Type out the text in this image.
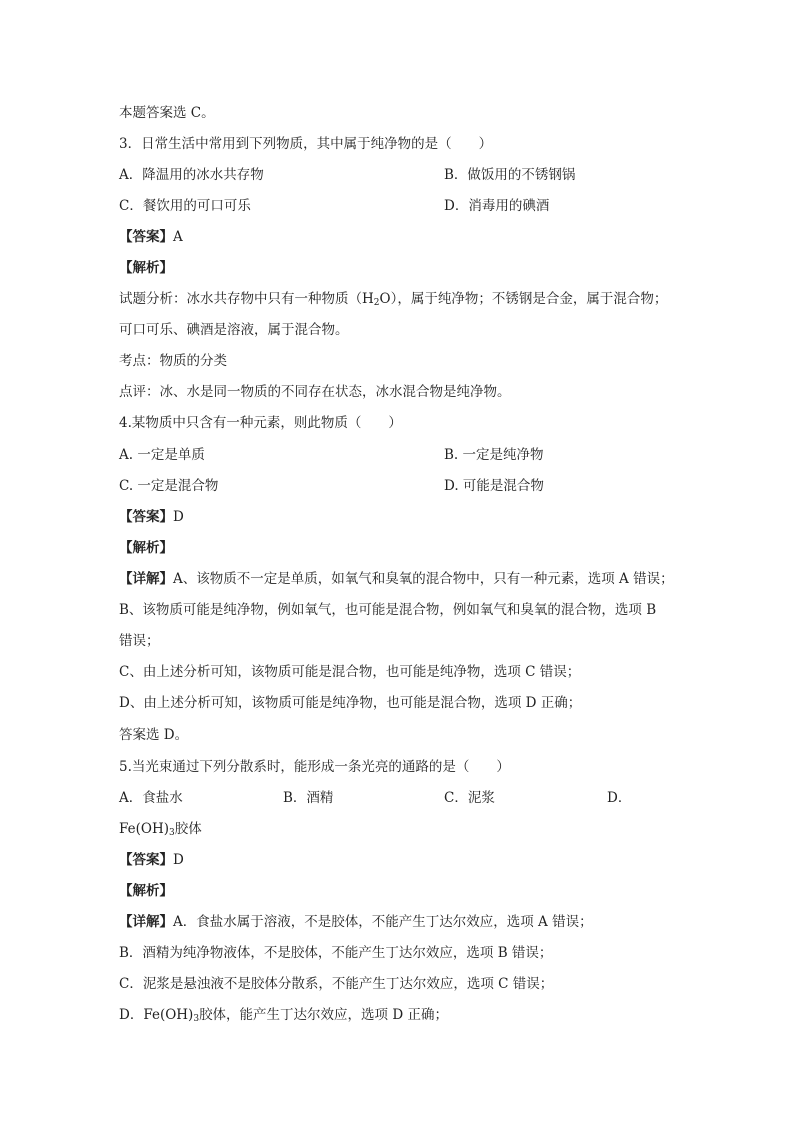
本题答案选 C。
3．日常生活中常用到下列物质，其中属于纯净物的是（　　）
A．降温用的冰水共存物	B．做饭用的不锈钢锅
C．餐饮用的可口可乐	D．消毒用的碘酒
【答案】A
【解析】
试题分析：冰水共存物中只有一种物质$(H_2O)$，属于纯净物；不锈钢是合金，属于混合物；
可口可乐、碘酒是溶液，属于混合物。
考点：物质的分类
点评：冰、水是同一物质的不同存在状态，冰水混合物是纯净物。
4.某物质中只含有一种元素，则此物质（　　）
A. 一定是单质	B. 一定是纯净物
C. 一定是混合物	D. 可能是混合物
【答案】D
【解析】
【详解】A、该物质不一定是单质，如氧气和臭氧的混合物中，只有一种元素，选项 A 错误；
B、该物质可能是纯净物，例如氧气，也可能是混合物，例如氧气和臭氧的混合物，选项 B
错误；
C、由上述分析可知，该物质可能是混合物，也可能是纯净物，选项 C 错误；
D、由上述分析可知，该物质可能是纯净物，也可能是混合物，选项 D 正确；
答案选 D。
5.当光束通过下列分散系时，能形成一条光亮的通路的是（　　）
A．食盐水	B．酒精	C．泥浆	D．
$Fe(OH)_3$胶体
【答案】D
【解析】
【详解】A．食盐水属于溶液，不是胶体，不能产生丁达尔效应，选项 A 错误；
B．酒精为纯净物液体，不是胶体，不能产生丁达尔效应，选项 B 错误；
C．泥浆是悬浊液不是胶体分散系，不能产生丁达尔效应，选项 C 错误；
D．$Fe(OH)_3$胶体，能产生丁达尔效应，选项 D 正确；
